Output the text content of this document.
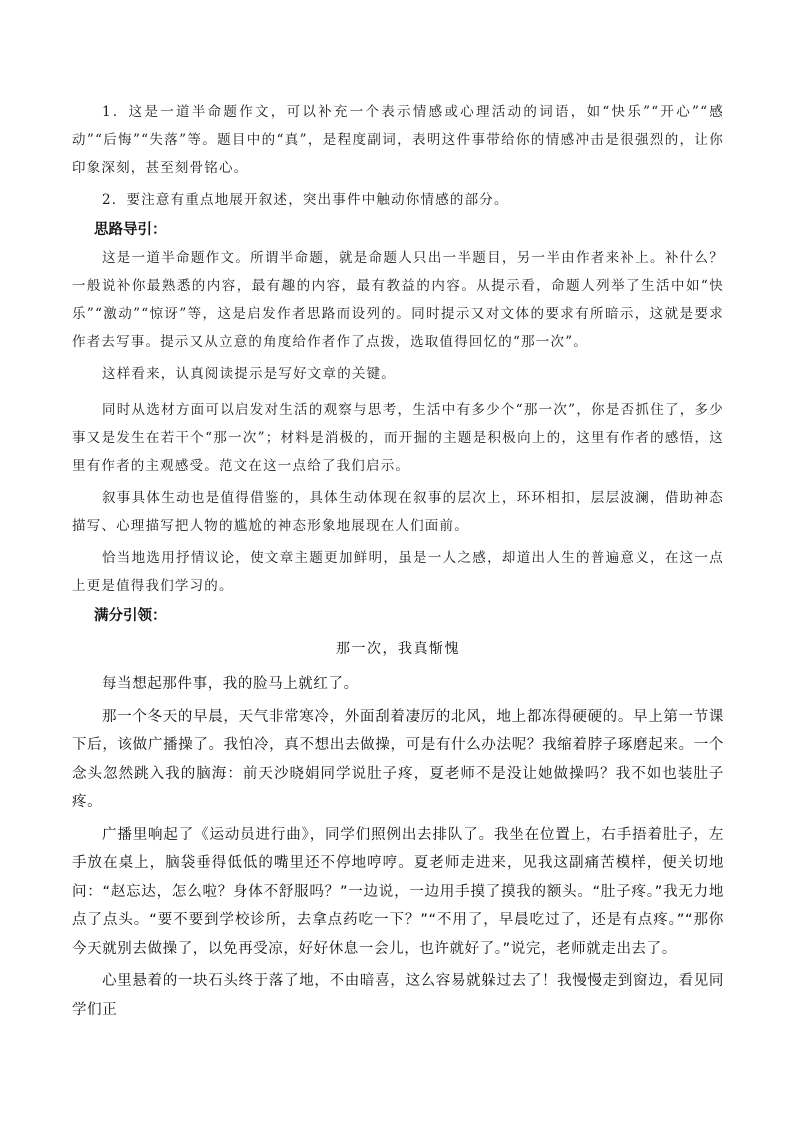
1．这是一道半命题作文，可以补充一个表示情感或心理活动的词语，如“快乐”“开心”“感动”“后悔”“失落”等。题目中的“真”，是程度副词，表明这件事带给你的情感冲击是很强烈的，让你印象深刻，甚至刻骨铭心。

2．要注意有重点地展开叙述，突出事件中触动你情感的部分。

思路导引：

这是一道半命题作文。所谓半命题，就是命题人只出一半题目，另一半由作者来补上。补什么？一般说补你最熟悉的内容，最有趣的内容，最有教益的内容。从提示看，命题人列举了生活中如“快乐”“激动”“惊讶”等，这是启发作者思路而设列的。同时提示又对文体的要求有所暗示，这就是要求作者去写事。提示又从立意的角度给作者作了点拨，选取值得回忆的“那一次”。

这样看来，认真阅读提示是写好文章的关键。

同时从选材方面可以启发对生活的观察与思考，生活中有多少个“那一次”，你是否抓住了，多少事又是发生在若干个“那一次”；材料是消极的，而开掘的主题是积极向上的，这里有作者的感悟，这里有作者的主观感受。范文在这一点给了我们启示。

叙事具体生动也是值得借鉴的，具体生动体现在叙事的层次上，环环相扣，层层波澜，借助神态描写、心理描写把人物的尴尬的神态形象地展现在人们面前。

恰当地选用抒情议论，使文章主题更加鲜明，虽是一人之感，却道出人生的普遍意义，在这一点上更是值得我们学习的。

满分引领：
那一次，我真惭愧

每当想起那件事，我的脸马上就红了。

那一个冬天的早晨，天气非常寒冷，外面刮着凄厉的北风，地上都冻得硬硬的。早上第一节课下后，该做广播操了。我怕冷，真不想出去做操，可是有什么办法呢？我缩着脖子琢磨起来。一个念头忽然跳入我的脑海：前天沙晓娟同学说肚子疼，夏老师不是没让她做操吗？我不如也装肚子疼。

广播里响起了《运动员进行曲》，同学们照例出去排队了。我坐在位置上，右手捂着肚子，左手放在桌上，脑袋垂得低低的嘴里还不停地哼哼。夏老师走进来，见我这副痛苦模样，便关切地问：“赵忘达，怎么啦？身体不舒服吗？”一边说，一边用手摸了摸我的额头。“肚子疼。”我无力地点了点头。“要不要到学校诊所，去拿点药吃一下？”“不用了，早晨吃过了，还是有点疼。”“那你今天就别去做操了，以免再受凉，好好休息一会儿，也许就好了。”说完，老师就走出去了。

心里悬着的一块石头终于落了地，不由暗喜，这么容易就躲过去了！我慢慢走到窗边，看见同学们正
